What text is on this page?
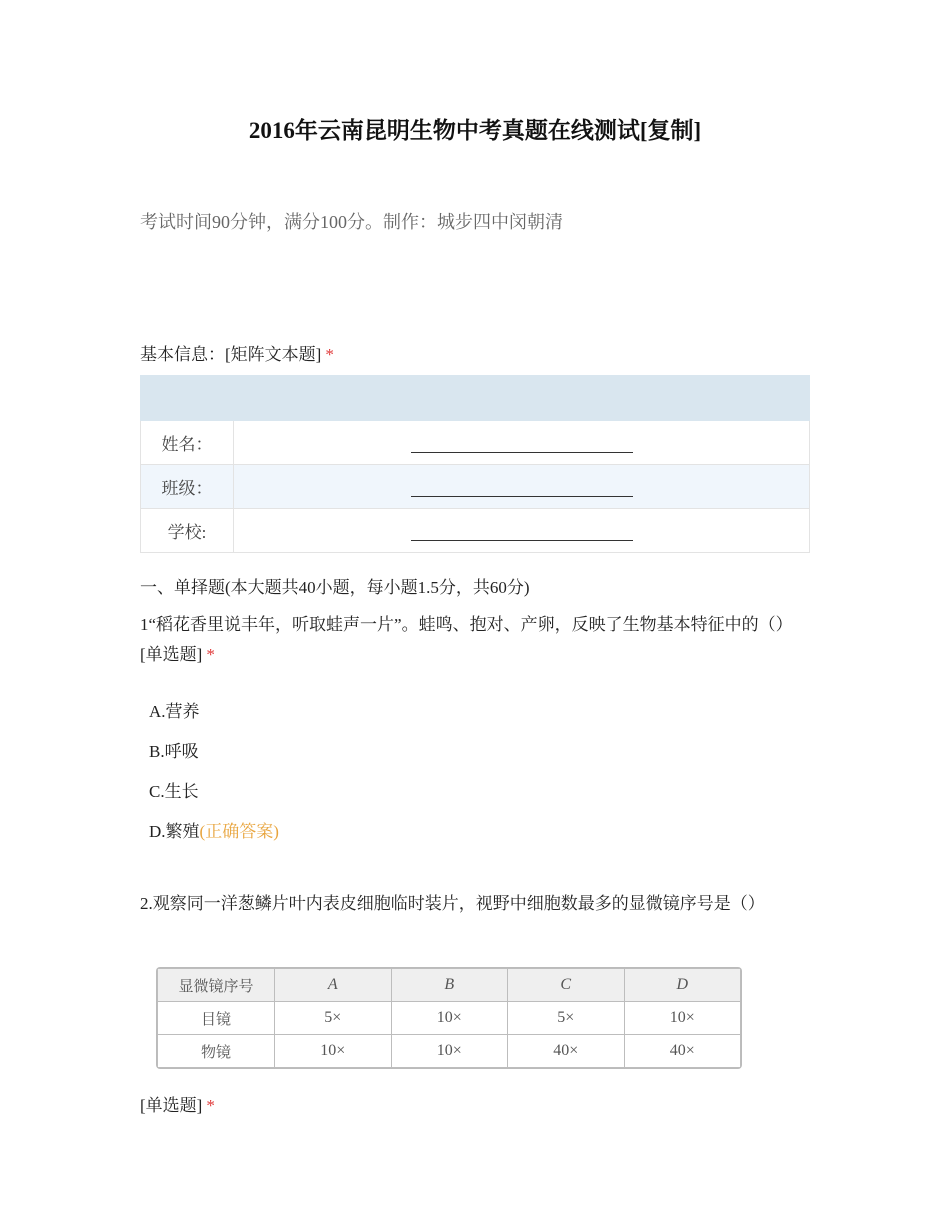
2016年云南昆明生物中考真题在线测试[复制]
考试时间90分钟，满分100分。制作：城步四中闵朝清
基本信息：[矩阵文本题] *

姓名：	
班级：	
学校:	
一、单择题(本大题共40小题，每小题1.5分，共60分)
1“稻花香里说丰年，听取蛙声一片”。蛙鸣、抱对、产卵，反映了生物基本特征中的（） [单选题] *
A.营养
B.呼吸
C.生长
D.繁殖(正确答案)
2.观察同一洋葱鳞片叶内表皮细胞临时装片，视野中细胞数最多的显微镜序号是（）
显微镜序号	A	B	C	D
目镜	5×	10×	5×	10×
物镜	10×	10×	40×	40×
[单选题] *
